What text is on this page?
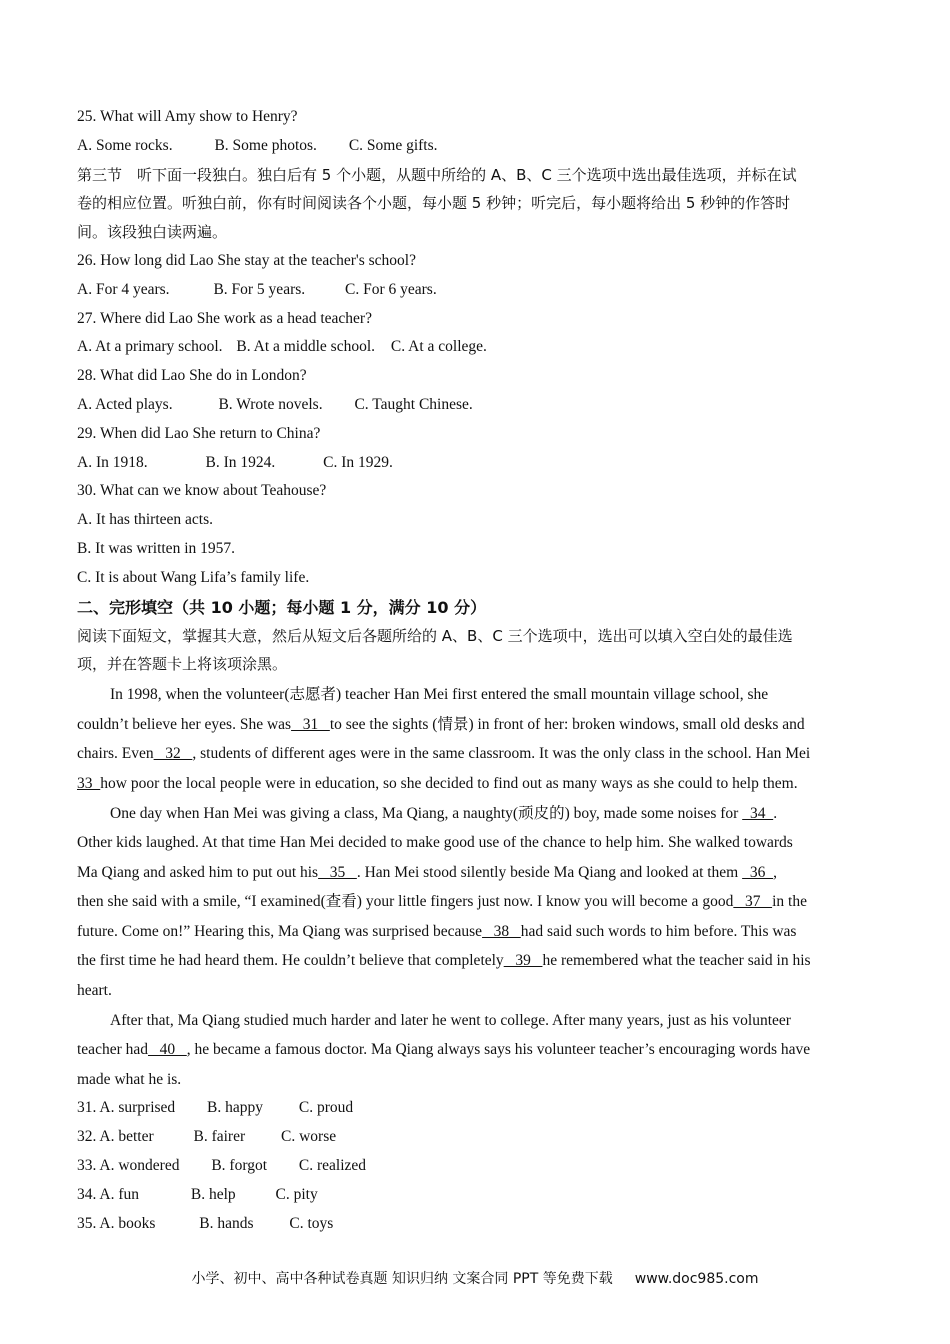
25. What will Amy show to Henry?
A. Some rocks.	B. Some photos. C. Some gifts.
第三节　听下面一段独白。独白后有 5 个小题，从题中所给的 A、B、C 三个选项中选出最佳选项，并标在试
卷的相应位置。听独白前，你有时间阅读各个小题，每小题 5 秒钟；听完后，每小题将给出 5 秒钟的作答时
间。该段独白读两遍。
26. How long did Lao She stay at the teacher's school?
A. For 4 years.	B. For 5 years.	C. For 6 years.
27. Where did Lao She work as a head teacher?
A. At a primary school. B. At a middle school. C. At a college.
28. What did Lao She do in London?
A. Acted plays.	B. Wrote novels. C. Taught Chinese.
29. When did Lao She return to China?
A. In 1918.	B. In 1924.	C. In 1929.
30. What can we know about Teahouse?
A. It has thirteen acts.
B. It was written in 1957.
C. It is about Wang Lifa’s family life.
二、完形填空（共 10 小题；每小题 1 分，满分 10 分）
阅读下面短文，掌握其大意，然后从短文后各题所给的 A、B、C 三个选项中，选出可以填入空白处的最佳选
项，并在答题卡上将该项涂黑。
In 1998, when the volunteer(志愿者) teacher Han Mei first entered the small mountain village school, she
couldn’t believe her eyes. She was   31   to see the sights (情景) in front of her: broken windows, small old desks and
chairs. Even   32   , students of different ages were in the same classroom. It was the only class in the school. Han Mei
33  how poor the local people were in education, so she decided to find out as many ways as she could to help them.
One day when Han Mei was giving a class, Ma Qiang, a naughty(顽皮的) boy, made some noises for   34  .
Other kids laughed. At that time Han Mei decided to make good use of the chance to help him. She walked towards
Ma Qiang and asked him to put out his   35   . Han Mei stood silently beside Ma Qiang and looked at them   36  ,
then she said with a smile, “I examined(查看) your little fingers just now. I know you will become a good   37   in the
future. Come on!” Hearing this, Ma Qiang was surprised because   38   had said such words to him before. This was
the first time he had heard them. He couldn’t believe that completely   39   he remembered what the teacher said in his
heart.
After that, Ma Qiang studied much harder and later he went to college. After many years, just as his volunteer
teacher had   40   , he became a famous doctor. Ma Qiang always says his volunteer teacher’s encouraging words have
made what he is.
31. A. surprised B. happy C. proud
32. A. better	B. fairer C. worse
33. A. wondered B. forgot C. realized
34. A. fun	B. help	C. pity
35. A. books	B. hands C. toys
小学、初中、高中各种试卷真题 知识归纳 文案合同 PPT 等免费下载 www.doc985.com
